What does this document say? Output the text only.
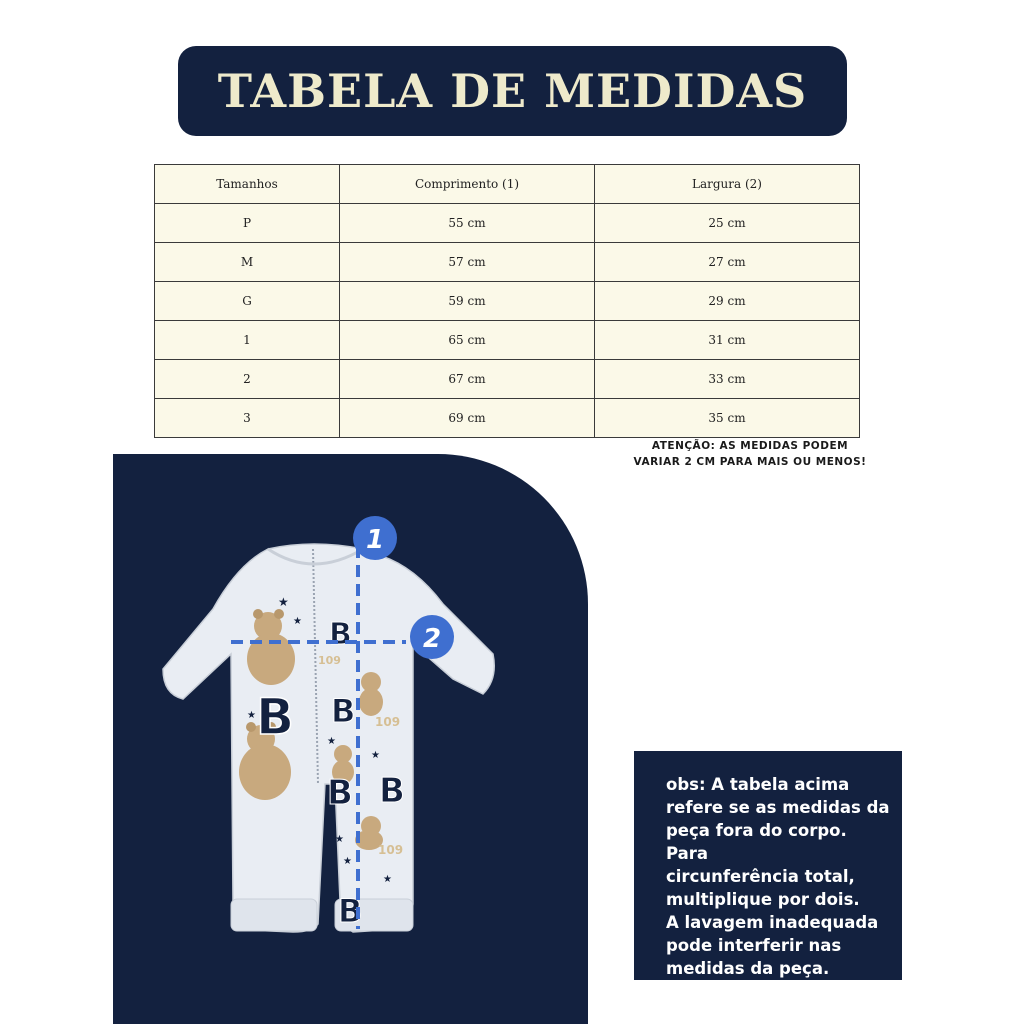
TABELA DE MEDIDAS
Tamanhos	Comprimento (1)	Largura (2)
P	55 cm	25 cm
M	57 cm	27 cm
G	59 cm	29 cm
1	65 cm	31 cm
2	67 cm	33 cm
3	69 cm	35 cm
ATENÇÃO: AS MEDIDAS PODEM
VARIAR 2 CM PARA MAIS OU MENOS!
B
B
B
B B
B
109
109
109
★
★
★
★
★
★
★
★
1
2

obs: A tabela acima

refere se as medidas da

peça fora do corpo. Para

circunferência total,

multiplique por dois.

A lavagem inadequada

pode interferir nas

medidas da peça.
